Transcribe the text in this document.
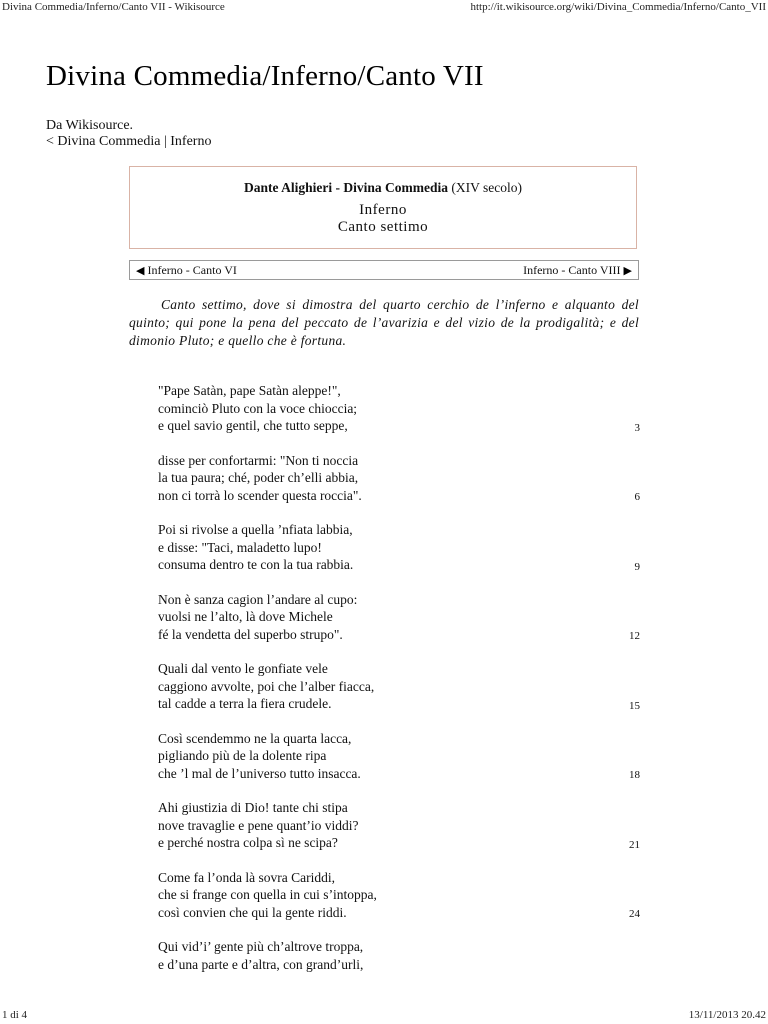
Divina Commedia/Inferno/Canto VII - Wikisource	http://it.wikisource.org/wiki/Divina_Commedia/Inferno/Canto_VII
Divina Commedia/Inferno/Canto VII
Da Wikisource.
< Divina Commedia | Inferno
Dante Alighieri - Divina Commedia (XIV secolo)
Inferno
Canto settimo
◀ Inferno - Canto VI	Inferno - Canto VIII ▶
Canto settimo, dove si dimostra del quarto cerchio de l’inferno e alquanto del quinto; qui pone la pena del peccato de l’avarizia e del vizio de la prodigalità; e del dimonio Pluto; e quello che è fortuna.
"Pape Satàn, pape Satàn aleppe!",
cominciò Pluto con la voce chioccia;
e quel savio gentil, che tutto seppe,	3
disse per confortarmi: "Non ti noccia
la tua paura; ché, poder ch’elli abbia,
non ci torrà lo scender questa roccia".	6
Poi si rivolse a quella ’nfiata labbia,
e disse: "Taci, maladetto lupo!
consuma dentro te con la tua rabbia.	9
Non è sanza cagion l’andare al cupo:
vuolsi ne l’alto, là dove Michele
fé la vendetta del superbo strupo".	12
Quali dal vento le gonfiate vele
caggiono avvolte, poi che l’alber fiacca,
tal cadde a terra la fiera crudele.	15
Così scendemmo ne la quarta lacca,
pigliando più de la dolente ripa
che ’l mal de l’universo tutto insacca.	18
Ahi giustizia di Dio! tante chi stipa
nove travaglie e pene quant’io viddi?
e perché nostra colpa sì ne scipa?	21
Come fa l’onda là sovra Cariddi,
che si frange con quella in cui s’intoppa,
così convien che qui la gente riddi.	24
Qui vid’i’ gente più ch’altrove troppa,
e d’una parte e d’altra, con grand’urli,
1 di 4	13/11/2013 20.42
